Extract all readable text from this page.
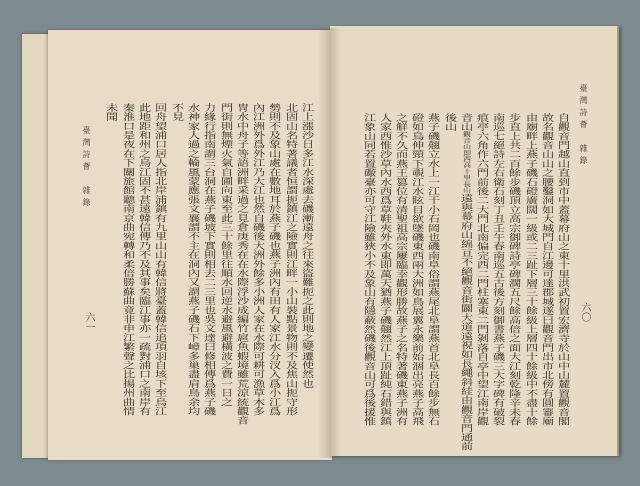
臺灣詩薈　雜錄
六一	江上漲沙日多江水深處去磯漸遠舟之往來盜難扼之此則地之變遷使然也
北固山名特著議者恒謂扼鎮江之險實則江畔一小山裝點景物則不及焦山扼守形
勢則不及象山處在數地耳於燕子磯也燕子洲內有田有人家江水分汊入爲小江爲
內江洲外爲外江乃大江也然自磯後大洲外餘多小洲人家在水際可耕可漁草木多
冑水中舟子等語洲畔采過之見倉庚秀在在水際浮沙成編竹扈魚蝦境雖荒涼統觀音
門街則無煙火氣自圃向東至此三十餘里往順水回逆水避風避橫波之費一日之
力緣行指南謂三台洞在燕子磯坡下實則相去二三里也吳文達曰修相傳爲燕子磯
水神家人過之輪風蒙應張文襄謂不主在洞內又謂燕子磯石下嶂多巢盡肩鳥余均
不見
回舟望浦口居人指北岸浦鎮有九里山山有韓信將臺蓋韓信追項羽自垓下至烏江
此地距和州之烏江固不甚遠韓信傳乃不及其事矣臨江事亦一疏對浦口之南岸有
秦淮口是夜在下關旅館聽南京曲宛轉和柔倍勝蘇曲竟非申江繁聲之比揚州曲情
未聞	臺灣詩薈　雜錄
六〇
自觀音門越山直到市中蓋幕府山之東十里洪武初置宏濟寺於山中山麓置觀音閣
故名觀音山山之腰鑿洞如大城門自江邊可達郡城遂曰觀音門出市北傍有圓審廟
由廟畔上燕子磯石磴廣闊一級或二三趾下層三十餘級上層四十餘級中不盡十餘
步直上共二百餘步磯頂立高宗御碑詩亭碑濶五尺餘高倍之面大江刻乾隆辛未春
南巡七絕詩左右衛石刻丁丑壬午春南巡五古後方刻御書燕子磯三大字碑有破裂
痕亭六角作六門前後二大門北南偏完西二門柱塞東二門剝落自亭中望江南岸觀
音山觀音山即西高十里長山遠與幕府山綿亘不絕觀音街闢大道遠視如長繩斜絓由觀音門通前
後山
燕子磯翹立水上一江干小石岡也磯南阜俗謂燕尾北阜謂燕首北阜長百餘步無石
磴如鳥伸頸下覗江水眩目欲墜磯東西兩大洲如鳥展翼永樂前始涸出亮燕子高飛
之觧不久而燕王篡位有清聖祖高宗屢臨幸觀形勝故燕子之名特著磯東燕子洲有
人家西惟沙草內水西爲草鞋夾外水東即萬天猶燕子磯翹然江上頂趾純石錯與鎮
江象山同若置礮臺亦可守江險雖狹小不及象山有隱蔽然磯後觀音山可爲後援惟
